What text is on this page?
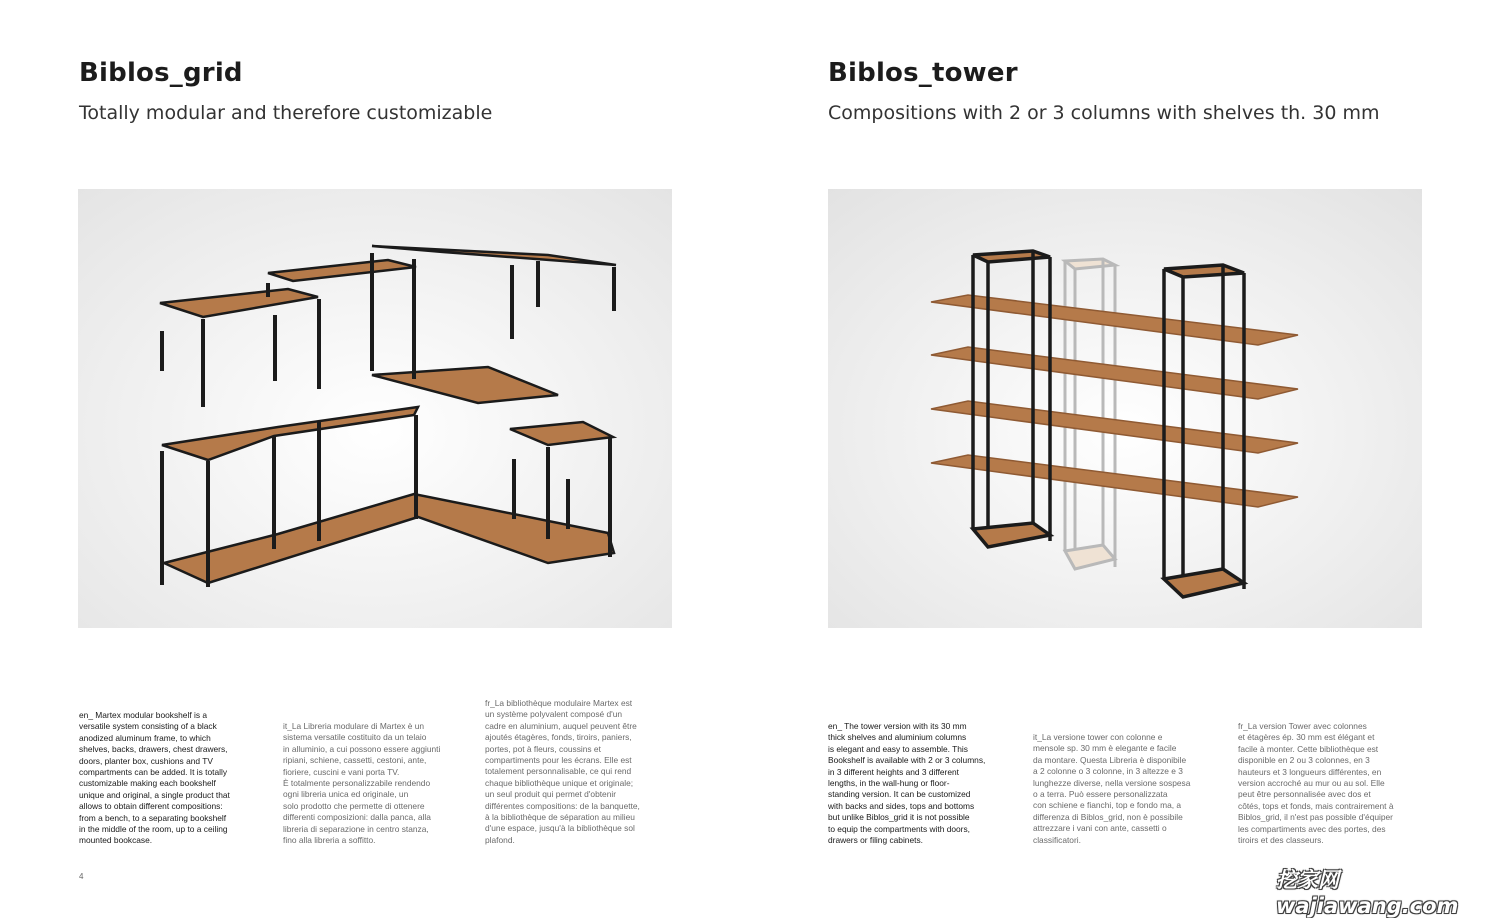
Biblos_grid

Totally modular and therefore customizable

en_ Martex modular bookshelf is a
versatile system consisting of a black
anodized aluminum frame, to which
shelves, backs, drawers, chest drawers,
doors, planter box, cushions and TV
compartments can be added. It is totally
customizable making each bookshelf
unique and original, a single product that
allows to obtain different compositions:
from a bench, to a separating bookshelf
in the middle of the room, up to a ceiling
mounted bookcase.

it_La Libreria modulare di Martex è un
sistema versatile costituito da un telaio
in alluminio, a cui possono essere aggiunti
ripiani, schiene, cassetti, cestoni, ante,
fioriere, cuscini e vani porta TV.
È totalmente personalizzabile rendendo
ogni libreria unica ed originale, un
solo prodotto che permette di ottenere
differenti composizioni: dalla panca, alla
libreria di separazione in centro stanza,
fino alla libreria a soffitto.

fr_La bibliothèque modulaire Martex est
un système polyvalent composé d'un
cadre en aluminium, auquel peuvent être
ajoutés étagères, fonds, tiroirs, paniers,
portes, pot à fleurs, coussins et
compartiments pour les écrans. Elle est
totalement personnalisable, ce qui rend
chaque bibliothèque unique et originale;
un seul produit qui permet d'obtenir
différentes compositions: de la banquette,
à la bibliothèque de séparation au milieu
d'une espace, jusqu'à la bibliothèque sol
plafond.

4
Biblos_tower

Compositions with 2 or 3 columns with shelves th. 30 mm

en_ The tower version with its 30 mm
thick shelves and aluminium columns
is elegant and easy to assemble. This
Bookshelf is available with 2 or 3 columns,
in 3 different heights and 3 different
lengths, in the wall-hung or floor-
standing version. It can be customized
with backs and sides, tops and bottoms
but unlike Biblos_grid it is not possible
to equip the compartments with doors,
drawers or filing cabinets.

it_La versione tower con colonne e
mensole sp. 30 mm è elegante e facile
da montare. Questa Libreria è disponibile
a 2 colonne o 3 colonne, in 3 altezze e 3
lunghezze diverse, nella versione sospesa
o a terra. Può essere personalizzata
con schiene e fianchi, top e fondo ma, a
differenza di Biblos_grid, non è possibile
attrezzare i vani con ante, cassetti o
classificatori.

fr_La version Tower avec colonnes
et étagères ép. 30 mm est élégant et
facile à monter. Cette bibliothèque est
disponible en 2 ou 3 colonnes, en 3
hauteurs et 3 longueurs différentes, en
version accroché au mur ou au sol. Elle
peut être personnalisée avec dos et
côtés, tops et fonds, mais contrairement à
Biblos_grid, il n'est pas possible d'équiper
les compartiments avec des portes, des
tiroirs et des classeurs.

挖家网 wajiawang.com
